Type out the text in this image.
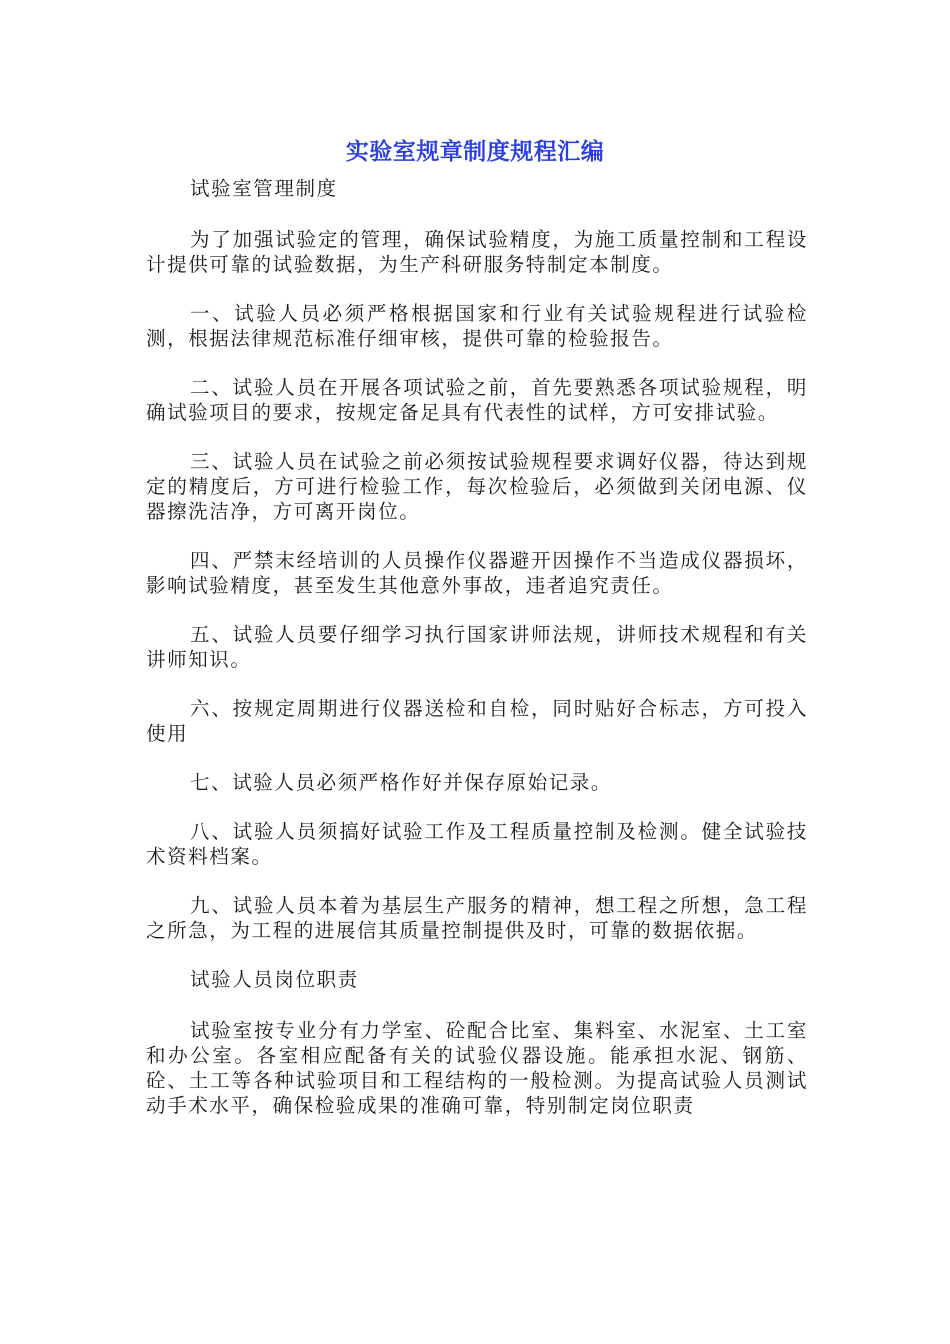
实验室规章制度规程汇编

试验室管理制度

为了加强试验定的管理，确保试验精度，为施工质量控制和工程设计提供可靠的试验数据，为生产科研服务特制定本制度。

一、试验人员必须严格根据国家和行业有关试验规程进行试验检测，根据法律规范标准仔细审核，提供可靠的检验报告。

二、试验人员在开展各项试验之前，首先要熟悉各项试验规程，明确试验项目的要求，按规定备足具有代表性的试样，方可安排试验。

三、试验人员在试验之前必须按试验规程要求调好仪器，待达到规定的精度后，方可进行检验工作，每次检验后，必须做到关闭电源、仪器擦洗洁净，方可离开岗位。

四、严禁末经培训的人员操作仪器避开因操作不当造成仪器损坏，影响试验精度，甚至发生其他意外事故，违者追究责任。

五、试验人员要仔细学习执行国家讲师法规，讲师技术规程和有关讲师知识。

六、按规定周期进行仪器送检和自检，同时贴好合标志，方可投入使用

七、试验人员必须严格作好并保存原始记录。

八、试验人员须搞好试验工作及工程质量控制及检测。健全试验技术资料档案。

九、试验人员本着为基层生产服务的精神，想工程之所想，急工程之所急，为工程的进展信其质量控制提供及时，可靠的数据依据。

试验人员岗位职责

试验室按专业分有力学室、砼配合比室、集料室、水泥室、土工室和办公室。各室相应配备有关的试验仪器设施。能承担水泥、钢筋、砼、土工等各种试验项目和工程结构的一般检测。为提高试验人员测试动手术水平，确保检验成果的准确可靠，特别制定岗位职责
